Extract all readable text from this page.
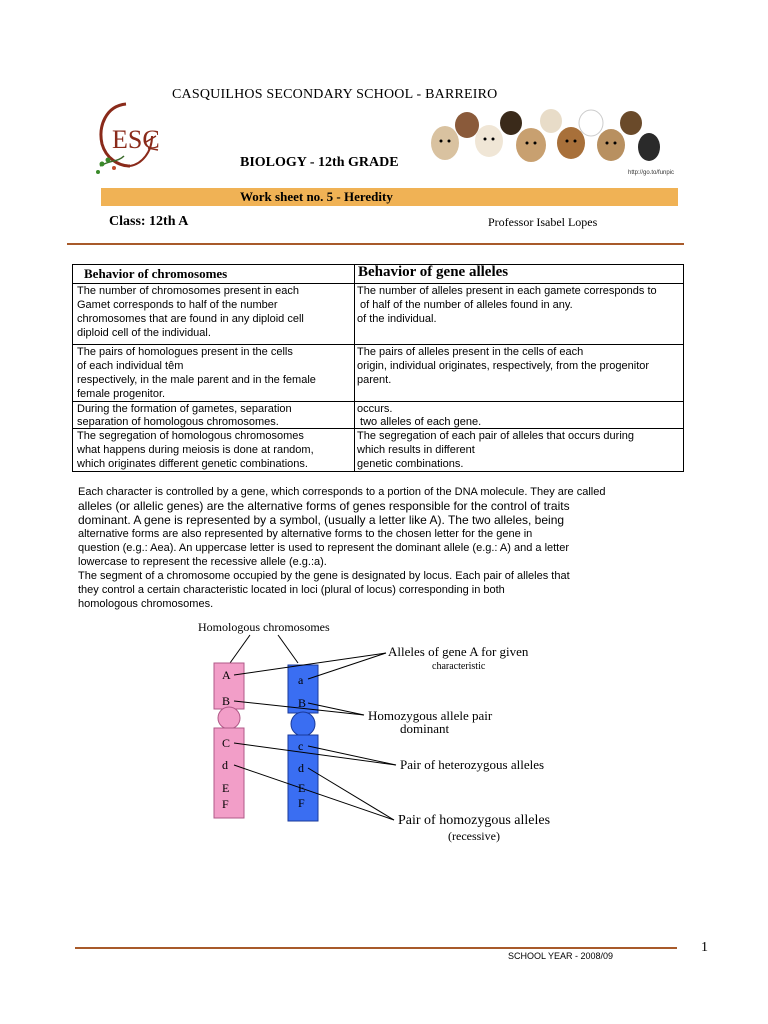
CASQUILHOS SECONDARY SCHOOL - BARREIRO
ESC
http://go.to/funpic
BIOLOGY - 12th GRADE
Work sheet no. 5 - Heredity
Class: 12th A	Professor Isabel Lopes
Behavior of chromosomes	Behavior of gene alleles
The number of chromosomes present in each
Gamet corresponds to half of the number
chromosomes that are found in any diploid cell
diploid cell of the individual.
The number of alleles present in each gamete corresponds to
of half of the number of alleles found in any.
of the individual.
The pairs of homologues present in the cells
of each individual têm
respectively, in the male parent and in the female
female progenitor.
The pairs of alleles present in the cells of each
origin, individual originates, respectively, from the progenitor
parent.
During the formation of gametes, separation
separation of homologous chromosomes.
occurs.
two alleles of each gene.
The segregation of homologous chromosomes
what happens during meiosis is done at random,
which originates different genetic combinations.
The segregation of each pair of alleles that occurs during
which results in different
genetic combinations.
Each character is controlled by a gene, which corresponds to a portion of the DNA molecule. They are called
alleles (or allelic genes) are the alternative forms of genes responsible for the control of traits
dominant. A gene is represented by a symbol, (usually a letter like A). The two alleles, being
alternative forms are also represented by alternative forms to the chosen letter for the gene in
question (e.g.: Aea). An uppercase letter is used to represent the dominant allele (e.g.: A) and a letter
lowercase to represent the recessive allele (e.g.:a).
The segment of a chromosome occupied by the gene is designated by locus. Each pair of alleles that
they control a certain characteristic located in loci (plural of locus) corresponding in both
homologous chromosomes.
Homologous chromosomes
A
B
C
d
E
F
a
B
c
d
E
F
Alleles of gene A for given
characteristic
Homozygous allele pair
dominant
Pair of heterozygous alleles
Pair of homozygous alleles
(recessive)
1
SCHOOL YEAR - 2008/09
